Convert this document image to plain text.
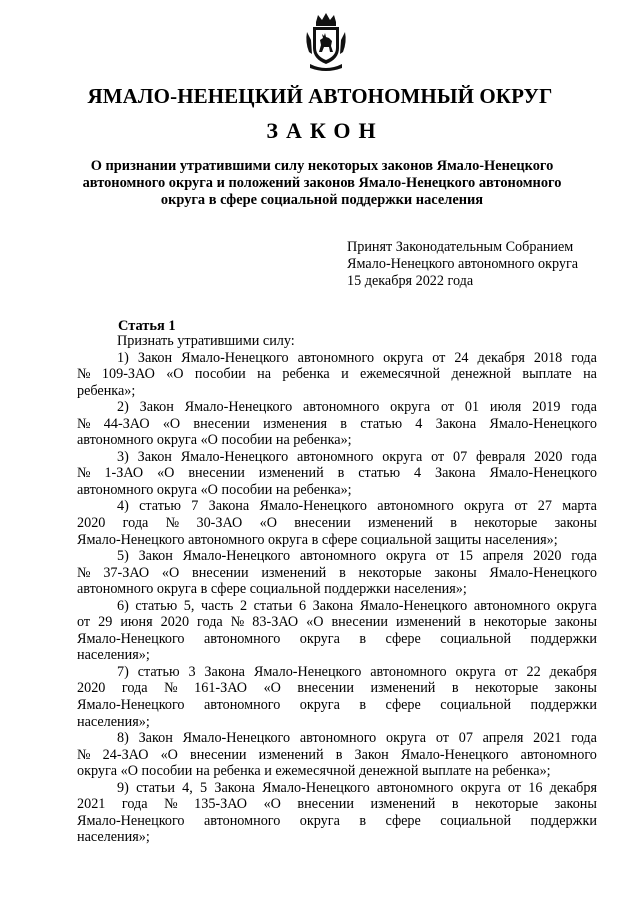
ЯМАЛО-НЕНЕЦКИЙ АВТОНОМНЫЙ ОКРУГ
ЗАКОН
О признании утратившими силу некоторых законов Ямало-Ненецкого
автономного округа и положений законов Ямало-Ненецкого автономного
округа в сфере социальной поддержки населения
Принят Законодательным Собранием
Ямало-Ненецкого автономного округа
15 декабря 2022 года
Статья 1
Признать утратившими силу:
1) Закон Ямало-Ненецкого автономного округа от 24 декабря 2018 года
№ 109-ЗАО «О пособии на ребенка и ежемесячной денежной выплате на
ребенка»;
2) Закон Ямало-Ненецкого автономного округа от 01 июля 2019 года
№ 44-ЗАО «О внесении изменения в статью 4 Закона Ямало-Ненецкого
автономного округа «О пособии на ребенка»;
3) Закон Ямало-Ненецкого автономного округа от 07 февраля 2020 года
№ 1-ЗАО «О внесении изменений в статью 4 Закона Ямало-Ненецкого
автономного округа «О пособии на ребенка»;
4) статью 7 Закона Ямало-Ненецкого автономного округа от 27 марта
2020 года № 30-ЗАО «О внесении изменений в некоторые законы
Ямало-Ненецкого автономного округа в сфере социальной защиты населения»;
5) Закон Ямало-Ненецкого автономного округа от 15 апреля 2020 года
№ 37-ЗАО «О внесении изменений в некоторые законы Ямало-Ненецкого
автономного округа в сфере социальной поддержки населения»;
6) статью 5, часть 2 статьи 6 Закона Ямало-Ненецкого автономного округа
от 29 июня 2020 года № 83-ЗАО «О внесении изменений в некоторые законы
Ямало-Ненецкого автономного округа в сфере социальной поддержки
населения»;
7) статью 3 Закона Ямало-Ненецкого автономного округа от 22 декабря
2020 года № 161-ЗАО «О внесении изменений в некоторые законы
Ямало-Ненецкого автономного округа в сфере социальной поддержки
населения»;
8) Закон Ямало-Ненецкого автономного округа от 07 апреля 2021 года
№ 24-ЗАО «О внесении изменений в Закон Ямало-Ненецкого автономного
округа «О пособии на ребенка и ежемесячной денежной выплате на ребенка»;
9) статьи 4, 5 Закона Ямало-Ненецкого автономного округа от 16 декабря
2021 года № 135-ЗАО «О внесении изменений в некоторые законы
Ямало-Ненецкого автономного округа в сфере социальной поддержки
населения»;
